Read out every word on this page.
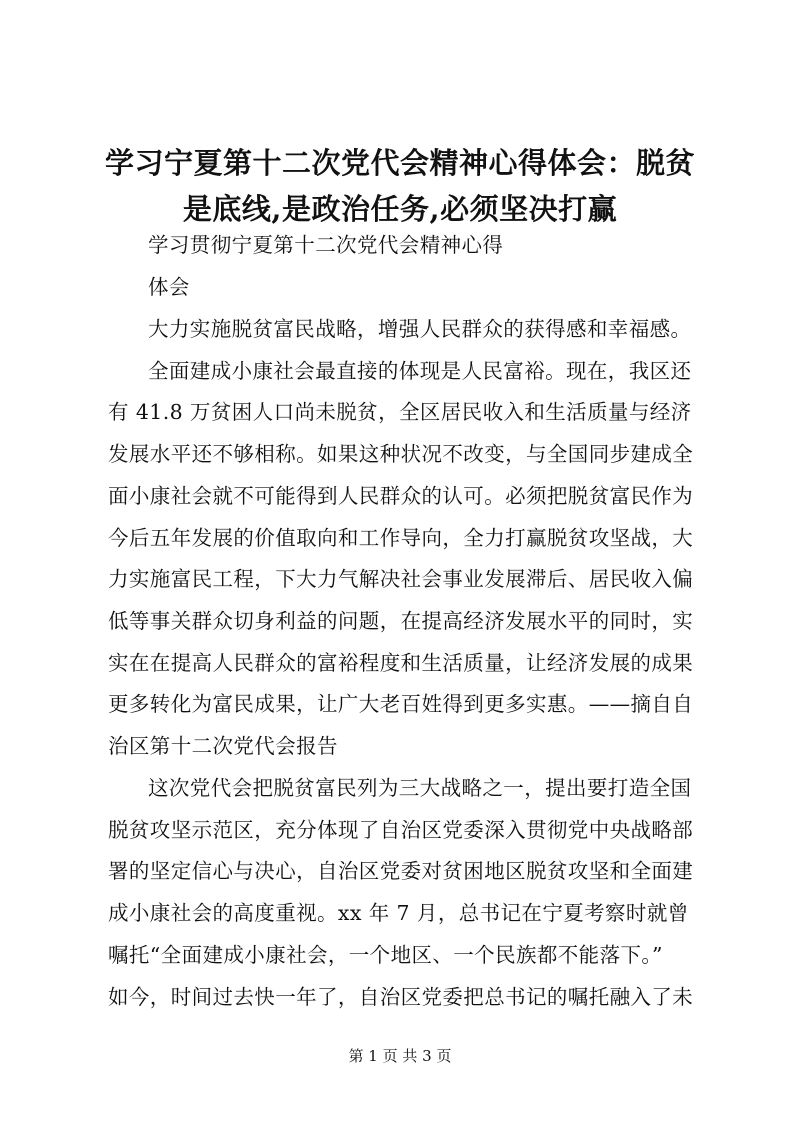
学习宁夏第十二次党代会精神心得体会：脱贫
是底线,是政治任务,必须坚决打赢

学习贯彻宁夏第十二次党代会精神心得

体会

大力实施脱贫富民战略，增强人民群众的获得感和幸福感。

全面建成小康社会最直接的体现是人民富裕。现在，我区还

有 41.8 万贫困人口尚未脱贫，全区居民收入和生活质量与经济

发展水平还不够相称。如果这种状况不改变，与全国同步建成全

面小康社会就不可能得到人民群众的认可。必须把脱贫富民作为

今后五年发展的价值取向和工作导向，全力打赢脱贫攻坚战，大

力实施富民工程，下大力气解决社会事业发展滞后、居民收入偏

低等事关群众切身利益的问题，在提高经济发展水平的同时，实

实在在提高人民群众的富裕程度和生活质量，让经济发展的成果

更多转化为富民成果，让广大老百姓得到更多实惠。——摘自自

治区第十二次党代会报告

这次党代会把脱贫富民列为三大战略之一，提出要打造全国

脱贫攻坚示范区，充分体现了自治区党委深入贯彻党中央战略部

署的坚定信心与决心，自治区党委对贫困地区脱贫攻坚和全面建

成小康社会的高度重视。xx 年 7 月，总书记在宁夏考察时就曾

嘱托“全面建成小康社会，一个地区、一个民族都不能落下。”

如今，时间过去快一年了，自治区党委把总书记的嘱托融入了未

第 1 页 共 3 页
